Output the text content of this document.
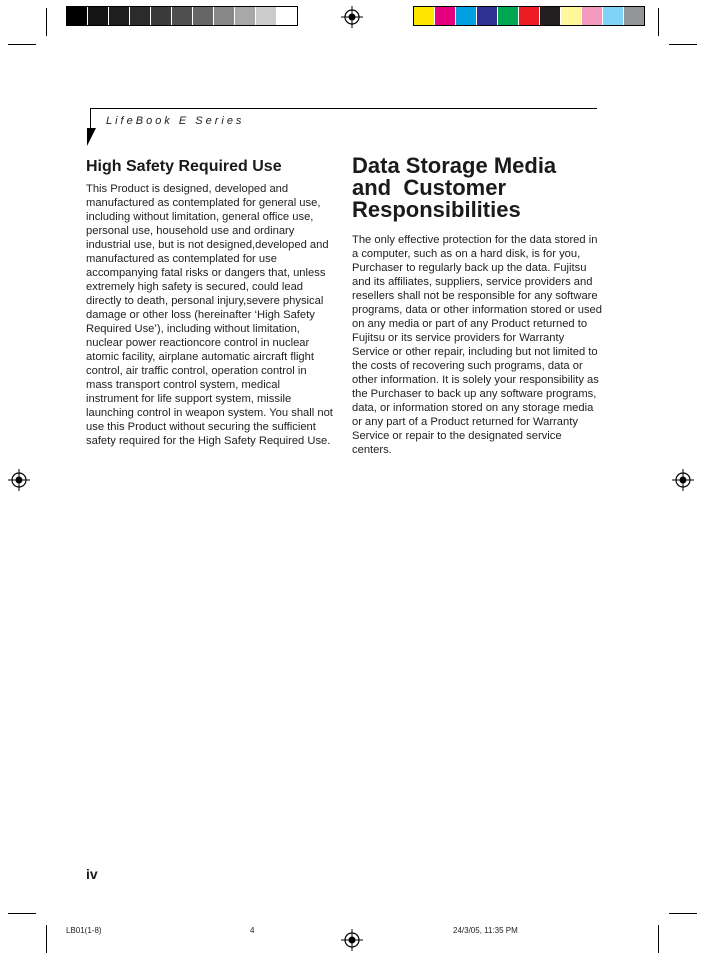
LifeBook E Series
High Safety Required Use

This Product is designed, developed and manufactured as contemplated for general use, including without limitation, general office use, personal use, household use and ordinary industrial use, but is not designed,developed and manufactured as contemplated for use accompanying fatal risks or dangers that, unless extremely high safety is secured, could lead directly to death, personal injury,severe physical damage or other loss (hereinafter ‘High Safety Required Use’), including without limitation, nuclear power reactioncore control in nuclear atomic facility, airplane automatic aircraft flight control, air traffic control, operation control in mass transport control system, medical instrument for life support system, missile launching control in weapon system. You shall not use this Product without securing the sufficient safety required for the High Safety Required Use.

Data Storage Media
and  Customer
Responsibilities

The only effective protection for the data stored in a computer, such as on a hard disk, is for you, Purchaser to regularly back up the data. Fujitsu and its affiliates, suppliers, service providers and resellers shall not be responsible for any software programs, data or other information stored or used on any media or part of any Product returned to Fujitsu or its service providers for Warranty Service or other repair, including but not limited to the costs of recovering such programs, data or other information. It is solely your responsibility as the Purchaser to back up any software programs, data, or information stored on any storage media or any part of a Product returned for Warranty Service or repair to the designated service centers.

iv
LB01(1-8)	4	24/3/05, 11:35 PM
